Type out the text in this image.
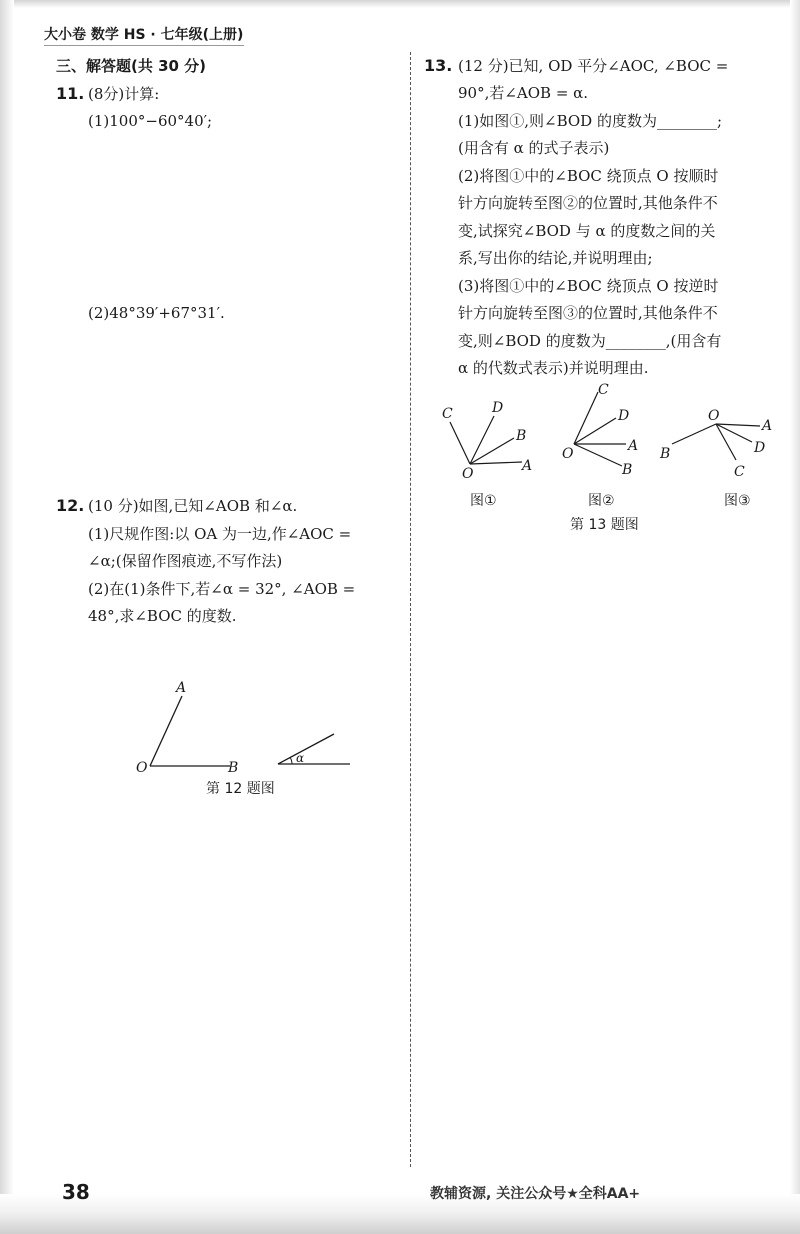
大小卷 数学 HS · 七年级(上册)
三、解答题(共 30 分)
11. (8分)计算:
(1)100°−60°40′;
(2)48°39′+67°31′.
12. (10 分)如图,已知∠AOB 和∠α.
(1)尺规作图:以 OA 为一边,作∠AOC =
∠α;(保留作图痕迹,不写作法)
(2)在(1)条件下,若∠α = 32°, ∠AOB =
48°,求∠BOC 的度数.
A
O	B
α
第 12 题图
13. (12 分)已知, OD 平分∠AOC, ∠BOC =
90°,若∠AOB = α.
(1)如图①,则∠BOD 的度数为________;
(用含有 α 的式子表示)
(2)将图①中的∠BOC 绕顶点 O 按顺时
针方向旋转至图②的位置时,其他条件不
变,试探究∠BOD 与 α 的度数之间的关
系,写出你的结论,并说明理由;
(3)将图①中的∠BOC 绕顶点 O 按逆时
针方向旋转至图③的位置时,其他条件不
变,则∠BOD 的度数为________,(用含有
α 的代数式表示)并说明理由.
C	D
B
O	A
图①
C
D
A
O
B
图②
O
A
D
B
C
图③
第 13 题图
38	教辅资源, 关注公众号★全科AA+
